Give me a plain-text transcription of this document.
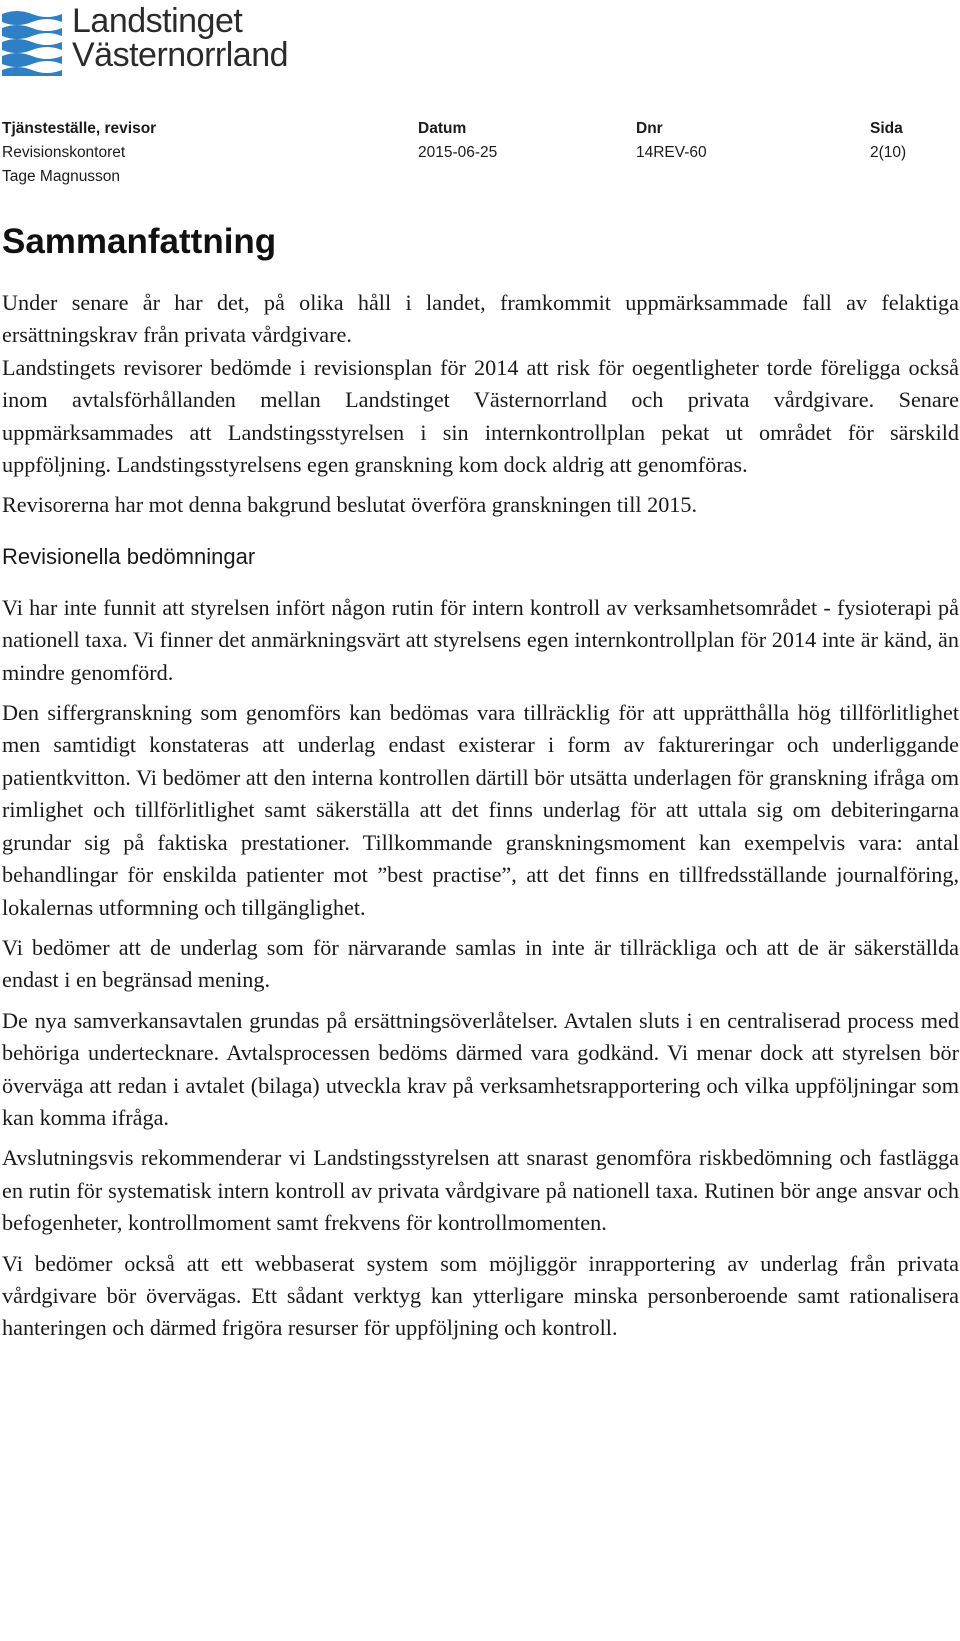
Landstinget
Västernorrland
Tjänsteställe, revisor
Revisionskontoret
Tage Magnusson
Datum
2015-06-25
Dnr
14REV-60
Sida
2(10)
Sammanfattning

Under senare år har det, på olika håll i landet, framkommit uppmärksammade fall av felaktiga ersättningskrav från privata vårdgivare.

Landstingets revisorer bedömde i revisionsplan för 2014 att risk för oegentligheter torde föreligga också inom avtalsförhållanden mellan Landstinget Västernorrland och privata vårdgivare. Senare uppmärksammades att Landstingsstyrelsen i sin internkontrollplan pekat ut området för särskild uppföljning. Landstingsstyrelsens egen granskning kom dock aldrig att genomföras.

Revisorerna har mot denna bakgrund beslutat överföra granskningen till 2015.

Revisionella bedömningar

Vi har inte funnit att styrelsen infört någon rutin för intern kontroll av verksamhetsområdet - fysioterapi på nationell taxa. Vi finner det anmärkningsvärt att styrelsens egen internkontrollplan för 2014 inte är känd, än mindre genomförd.

Den siffergranskning som genomförs kan bedömas vara tillräcklig för att upprätthålla hög tillförlitlighet men samtidigt konstateras att underlag endast existerar i form av faktureringar och underliggande patientkvitton. Vi bedömer att den interna kontrollen därtill bör utsätta underlagen för granskning ifråga om rimlighet och tillförlitlighet samt säkerställa att det finns underlag för att uttala sig om debiteringarna grundar sig på faktiska prestationer. Tillkommande granskningsmoment kan exempelvis vara: antal behandlingar för enskilda patienter mot ”best practise”, att det finns en tillfredsställande journalföring, lokalernas utformning och tillgänglighet.

Vi bedömer att de underlag som för närvarande samlas in inte är tillräckliga och att de är säkerställda endast i en begränsad mening.

De nya samverkansavtalen grundas på ersättningsöverlåtelser. Avtalen sluts i en centraliserad process med behöriga undertecknare. Avtalsprocessen bedöms därmed vara godkänd. Vi menar dock att styrelsen bör överväga att redan i avtalet (bilaga) utveckla krav på verksamhetsrapportering och vilka uppföljningar som kan komma ifråga.

Avslutningsvis rekommenderar vi Landstingsstyrelsen att snarast genomföra riskbedömning och fastlägga en rutin för systematisk intern kontroll av privata vårdgivare på nationell taxa. Rutinen bör ange ansvar och befogenheter, kontrollmoment samt frekvens för kontrollmomenten.

Vi bedömer också att ett webbaserat system som möjliggör inrapportering av underlag från privata vårdgivare bör övervägas. Ett sådant verktyg kan ytterligare minska personberoende samt rationalisera hanteringen och därmed frigöra resurser för uppföljning och kontroll.
